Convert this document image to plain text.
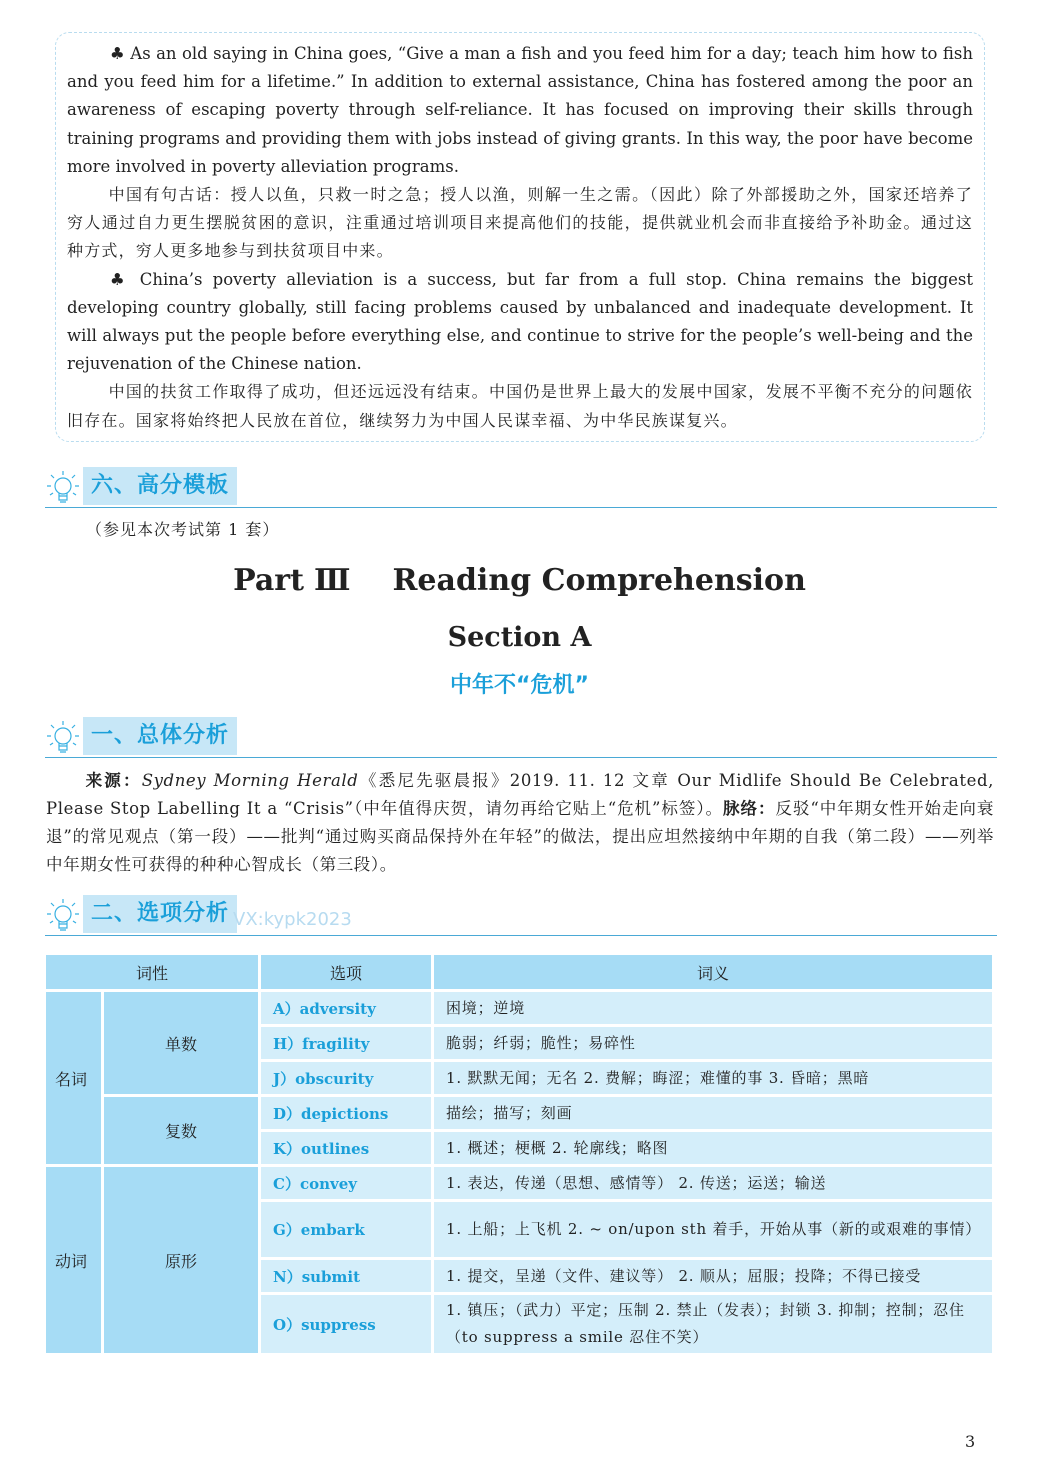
♣ As an old saying in China goes, “Give a man a fish and you feed him for a day; teach him how to fish and you feed him for a lifetime.” In addition to external assistance, China has fostered among the poor an awareness of escaping poverty through self-reliance. It has focused on improving their skills through training programs and providing them with jobs instead of giving grants. In this way, the poor have become more involved in poverty alleviation programs.

中国有句古话：授人以鱼，只救一时之急；授人以渔，则解一生之需。（因此）除了外部援助之外，国家还培养了穷人通过自力更生摆脱贫困的意识，注重通过培训项目来提高他们的技能，提供就业机会而非直接给予补助金。通过这种方式，穷人更多地参与到扶贫项目中来。

♣ China’s poverty alleviation is a success, but far from a full stop. China remains the biggest developing country globally, still facing problems caused by unbalanced and inadequate development. It will always put the people before everything else, and continue to strive for the people’s well-being and the rejuvenation of the Chinese nation.

中国的扶贫工作取得了成功，但还远远没有结束。中国仍是世界上最大的发展中国家，发展不平衡不充分的问题依旧存在。国家将始终把人民放在首位，继续努力为中国人民谋幸福、为中华民族谋复兴。

六、高分模板
（参见本次考试第 1 套）
Part Ⅲ Reading Comprehension
Section A
中年不“危机”
一、总体分析
来源：Sydney Morning Herald《悉尼先驱晨报》2019. 11. 12 文章 Our Midlife Should Be Celebrated, Please Stop Labelling It a “Crisis”（中年值得庆贺，请勿再给它贴上“危机”标签）。脉络：反驳“中年期女性开始走向衰退”的常见观点（第一段）——批判“通过购买商品保持外在年轻”的做法，提出应坦然接纳中年期的自我（第二段）——列举中年期女性可获得的种种心智成长（第三段）。
二、选项分析 VX:kypk2023
词性		选项	词义
名词	单数	A）adversity	困境；逆境
		H）fragility	脆弱；纤弱；脆性；易碎性
		J）obscurity	1. 默默无闻；无名 2. 费解；晦涩；难懂的事 3. 昏暗；黑暗
	复数	D）depictions	描绘；描写；刻画
		K）outlines	1. 概述；梗概 2. 轮廓线；略图
动词	原形	C）convey	1. 表达，传递（思想、感情等） 2. 传送；运送；输送
		G）embark	1. 上船；上飞机 2. ~ on/upon sth 着手，开始从事（新的或艰难的事情）
		N）submit	1. 提交，呈递（文件、建议等） 2. 顺从；屈服；投降；不得已接受
		O）suppress	1. 镇压；（武力）平定；压制 2. 禁止（发表）；封锁 3. 抑制；控制；忍住（to suppress a smile 忍住不笑）
3
